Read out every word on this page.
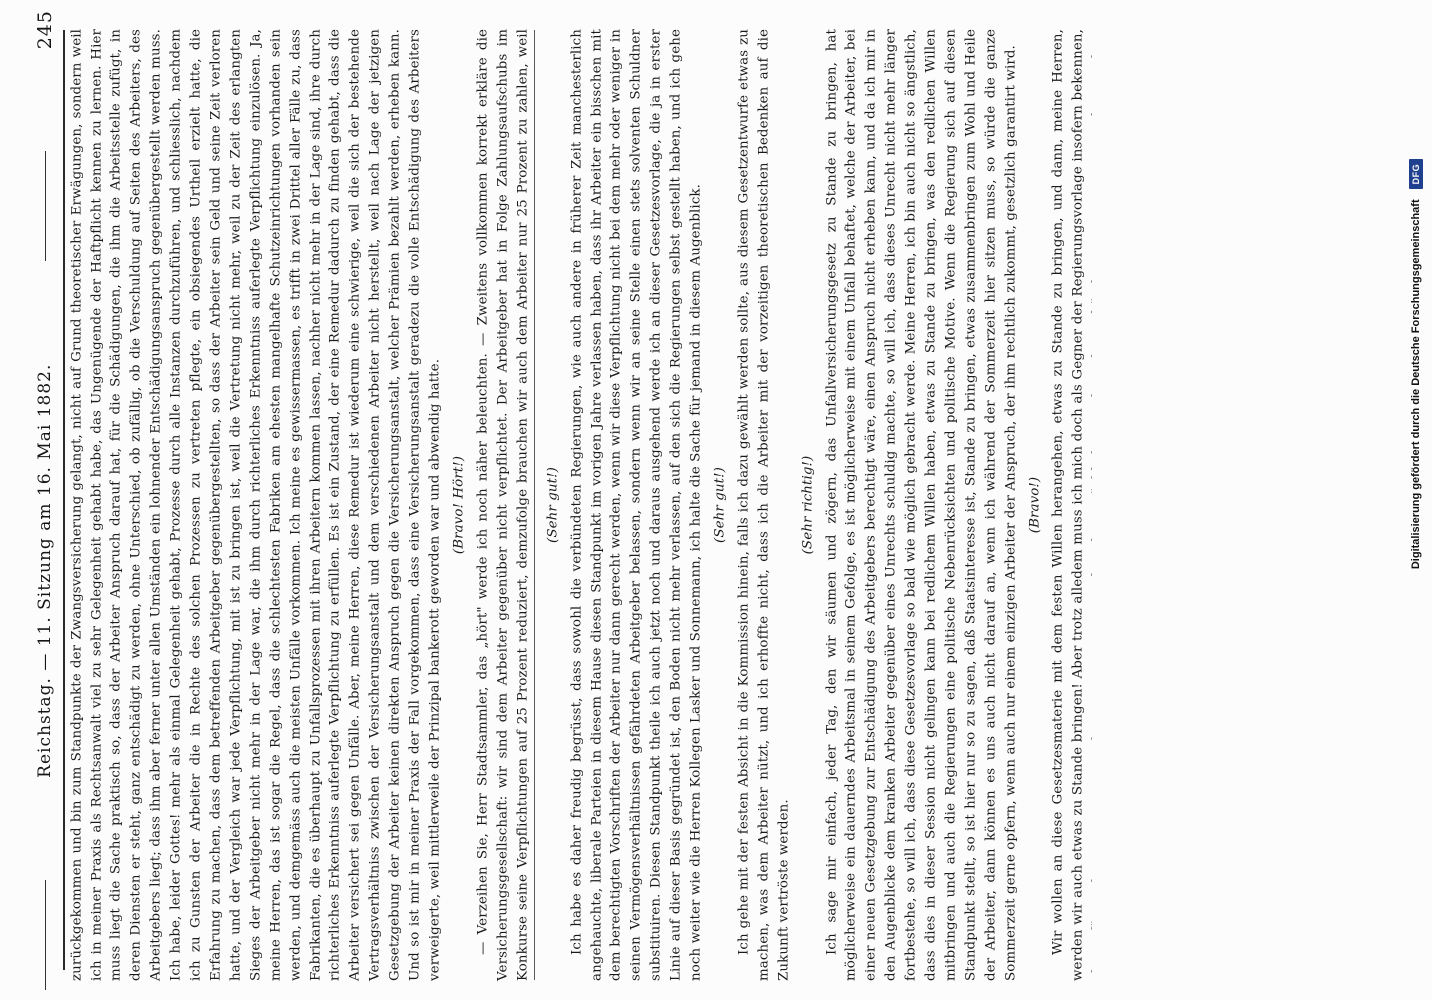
Reichstag. — 11. Sitzung am 16. Mai 1882.
245

zurückgekommen und bin zum Standpunkte der Zwangsversicherung gelangt, nicht auf Grund theoretischer Erwägungen, sondern weil ich in meiner Praxis als Rechtsanwalt viel zu sehr Gelegenheit gehabt habe, das Ungenügende der Haftpflicht kennen zu lernen. Hier muss liegt die Sache praktisch so, dass der Arbeiter Anspruch darauf hat, für die Schädigungen, die ihm die Arbeitsstelle zufügt, in deren Diensten er steht, ganz entschädigt zu werden, ohne Unterschied, ob zufällig, ob die Verschuldung auf Seiten des Arbeiters, des Arbeitgebers liegt; dass ihm aber ferner unter allen Umständen ein lohnender Entschädigungsanspruch gegenübergestellt werden muss. Ich habe, leider Gottes! mehr als einmal Gelegenheit gehabt, Prozesse durch alle Instanzen durchzuführen, und schliesslich, nachdem ich zu Gunsten der Arbeiter die in Rechte des solchen Prozessen zu vertreten pflegte, ein obsiegendes Urtheil erzielt hatte, die Erfahrung zu machen, dass dem betreffenden Arbeitgeber gegenübergestellten, so dass der Arbeiter sein Geld und seine Zeit verloren hatte, und der Vergleich war jede Verpflichtung, mit ist zu bringen ist, weil die Vertretung nicht mehr, weil zu der Zeit des erlangten Sieges der Arbeitgeber nicht mehr in der Lage war, die ihm durch richterliches Erkenntniss auferlegte Verpflichtung einzulösen. Ja, meine Herren, das ist sogar die Regel, dass die schlechtesten Fabriken am ehesten mangelhafte Schutzeinrichtungen vorhanden sein werden, und demgemäss auch die meisten Unfälle vorkommen. Ich meine es gewissermassen, es trifft in zwei Drittel aller Fälle zu, dass Fabrikanten, die es überhaupt zu Unfallsprozessen mit ihren Arbeitern kommen lassen, nachher nicht mehr in der Lage sind, ihre durch richterliches Erkenntniss auferlegte Verpflichtung zu erfüllen. Es ist ein Zustand, der eine Remedur dadurch zu finden gehabt, dass die Arbeiter versichert sei gegen Unfälle. Aber, meine Herren, diese Remedur ist wiederum eine schwierige, weil die sich der bestehende Vertragsverhältniss zwischen der Versicherungsanstalt und dem verschiedenen Arbeiter nicht herstellt, weil nach Lage der jetzigen Gesetzgebung der Arbeiter keinen direkten Anspruch gegen die Versicherungsanstalt, welcher Prämien bezahlt werden, erheben kann. Und so ist mir in meiner Praxis der Fall vorgekommen, dass eine Versicherungsanstalt geradezu die volle Entschädigung des Arbeiters verweigerte, weil mittlerweile der Prinzipal bankerott geworden war und abwendig hatte.

(Bravo! Hört!)

— Verzeihen Sie, Herr Stadtsammler, das „hört" werde ich noch näher beleuchten. — Zweitens vollkommen korrekt erkläre die Versicherungsgesellschaft: wir sind dem Arbeiter gegenüber nicht verpflichtet. Der Arbeitgeber hat in Folge Zahlungsaufschubs im Konkurse seine Verpflichtungen auf 25 Prozent reduziert, demzufolge brauchen wir auch dem Arbeiter nur 25 Prozent zu zahlen, weil

(Sehr gut!) Ich habe es daher freudig begrüsst, dass sowohl die verbündeten Regierungen, wie auch andere in früherer Zeit manchesterlich angehauchte, liberale Parteien in diesem Hause diesen Standpunkt im vorigen Jahre verlassen haben, dass ihr Arbeiter ein bisschen mit dem berechtigten Vorschriften der Arbeiter nur dann gerecht werden, wenn wir diese Verpflichtung nicht bei dem mehr oder weniger in seinen Vermögensverhältnissen gefährdeten Arbeitgeber belassen, sondern wenn wir an seine Stelle einen stets solventen Schuldner substituiren. Diesen Standpunkt theile ich auch jetzt noch und daraus ausgehend werde ich an dieser Gesetzesvorlage, die ja in erster Linie auf dieser Basis gegründet ist, den Boden nicht mehr verlassen, auf den sich die Regierungen selbst gestellt haben, und ich gehe noch weiter wie die Herren Kollegen Lasker und Sonnemann, ich halte die Sache für jemand in diesem Augenblick. (Sehr gut!) Ich gehe mit der festen Absicht in die Kommission hinein, falls ich dazu gewählt werden sollte, aus diesem Gesetzentwurfe etwas zu machen, was dem Arbeiter nützt, und ich erhoffte nicht, dass ich die Arbeiter mit der vorzeitigen theoretischen Bedenken auf die Zukunft vertröste werden.

(Sehr richtig!) Ich sage mir einfach, jeder Tag, den wir säumen und zögern, das Unfallversicherungsgesetz zu Stande zu bringen, hat möglicherweise ein dauerndes Arbeitsmal in seinem Gefolge, es ist möglicherweise mit einem Unfall behaftet, welche der Arbeiter, bei einer neuen Gesetzgebung zur Entschädigung des Arbeitgebers berechtigt wäre, einen Anspruch nicht erheben kann, und da ich mir in den Augenblicke dem kranken Arbeiter gegenüber eines Unrechts schuldig machte, so will ich, dass dieses Unrecht nicht mehr länger fortbestehe, so will ich, dass diese Gesetzesvorlage so bald wie möglich gebracht werde. Meine Herren, ich bin auch nicht so ängstlich, dass dies in dieser Session nicht gelingen kann bei redlichem Willen haben, etwas zu Stande zu bringen, was den redlichen Willen mitbringen und auch die Regierungen eine politische Nebenrücksichten und politische Motive. Wenn die Regierung sich auf diesen Standpunkt stellt, so ist hier nur so zu sagen, daß Staatsinteresse ist, Stande zu bringen, etwas zusammenbringen zum Wohl und Heile der Arbeiter, dann können es uns auch nicht darauf an, wenn ich während der Sommerzeit hier sitzen muss, so würde die ganze Sommerzeit gerne opfern, wenn auch nur einem einzigen Arbeiter der Anspruch, der ihm rechtlich zukommt, gesetzlich garantirt wird. (Bravo!)

Wir wollen an diese Gesetzesmaterie mit dem festen Willen herangehen, etwas zu Stande zu bringen, und dann, meine Herren, werden wir auch etwas zu Stande bringen! Aber trotz alledem muss ich mich doch als Gegner der Regierungsvorlage insofern bekennen,

Digitalisierung gefördert durch die Deutsche Forschungsgemeinschaft
DFG
